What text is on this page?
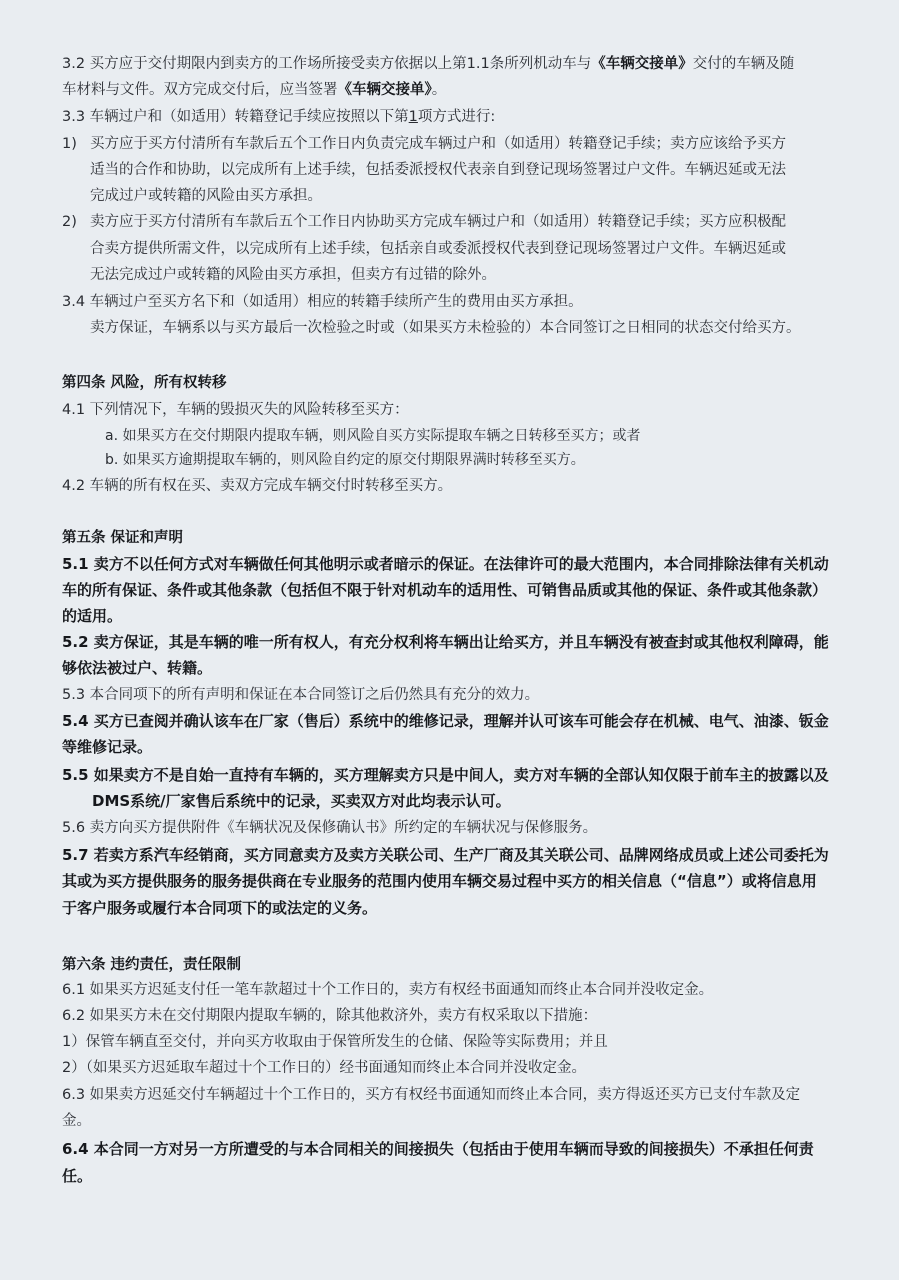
3.2 买方应于交付期限内到卖方的工作场所接受卖方依据以上第1.1条所列机动车与《车辆交接单》交付的车辆及随
车材料与文件。双方完成交付后，应当签署《车辆交接单》。
3.3 车辆过户和（如适用）转籍登记手续应按照以下第1项方式进行:
1) 买方应于买方付清所有车款后五个工作日内负责完成车辆过户和（如适用）转籍登记手续；卖方应该给予买方
适当的合作和协助，以完成所有上述手续，包括委派授权代表亲自到登记现场签署过户文件。车辆迟延或无法
完成过户或转籍的风险由买方承担。
2) 卖方应于买方付清所有车款后五个工作日内协助买方完成车辆过户和（如适用）转籍登记手续；买方应积极配
合卖方提供所需文件，以完成所有上述手续，包括亲自或委派授权代表到登记现场签署过户文件。车辆迟延或
无法完成过户或转籍的风险由买方承担，但卖方有过错的除外。
3.4 车辆过户至买方名下和（如适用）相应的转籍手续所产生的费用由买方承担。
卖方保证，车辆系以与买方最后一次检验之时或（如果买方未检验的）本合同签订之日相同的状态交付给买方。
第四条 风险，所有权转移
4.1 下列情况下，车辆的毁损灭失的风险转移至买方：
a. 如果买方在交付期限内提取车辆，则风险自买方实际提取车辆之日转移至买方；或者
b. 如果买方逾期提取车辆的，则风险自约定的原交付期限界满时转移至买方。
4.2 车辆的所有权在买、卖双方完成车辆交付时转移至买方。
第五条 保证和声明
5.1 卖方不以任何方式对车辆做任何其他明示或者暗示的保证。在法律许可的最大范围内，本合同排除法律有关机动
车的所有保证、条件或其他条款（包括但不限于针对机动车的适用性、可销售品质或其他的保证、条件或其他条款）
的适用。
5.2 卖方保证，其是车辆的唯一所有权人，有充分权利将车辆出让给买方，并且车辆没有被查封或其他权利障碍，能
够依法被过户、转籍。
5.3 本合同项下的所有声明和保证在本合同签订之后仍然具有充分的效力。
5.4 买方已查阅并确认该车在厂家（售后）系统中的维修记录，理解并认可该车可能会存在机械、电气、油漆、钣金
等维修记录。
5.5 如果卖方不是自始一直持有车辆的，买方理解卖方只是中间人，卖方对车辆的全部认知仅限于前车主的披露以及
DMS系统/厂家售后系统中的记录，买卖双方对此均表示认可。
5.6 卖方向买方提供附件《车辆状况及保修确认书》所约定的车辆状况与保修服务。
5.7 若卖方系汽车经销商，买方同意卖方及卖方关联公司、生产厂商及其关联公司、品牌网络成员或上述公司委托为
其或为买方提供服务的服务提供商在专业服务的范围内使用车辆交易过程中买方的相关信息（“信息”）或将信息用
于客户服务或履行本合同项下的或法定的义务。
第六条 违约责任，责任限制
6.1 如果买方迟延支付任一笔车款超过十个工作日的，卖方有权经书面通知而终止本合同并没收定金。
6.2 如果买方未在交付期限内提取车辆的，除其他救济外，卖方有权采取以下措施：
1）保管车辆直至交付，并向买方收取由于保管所发生的仓储、保险等实际费用；并且
2）（如果买方迟延取车超过十个工作日的）经书面通知而终止本合同并没收定金。
6.3 如果卖方迟延交付车辆超过十个工作日的，买方有权经书面通知而终止本合同，卖方得返还买方已支付车款及定
金。
6.4 本合同一方对另一方所遭受的与本合同相关的间接损失（包括由于使用车辆而导致的间接损失）不承担任何责
任。
